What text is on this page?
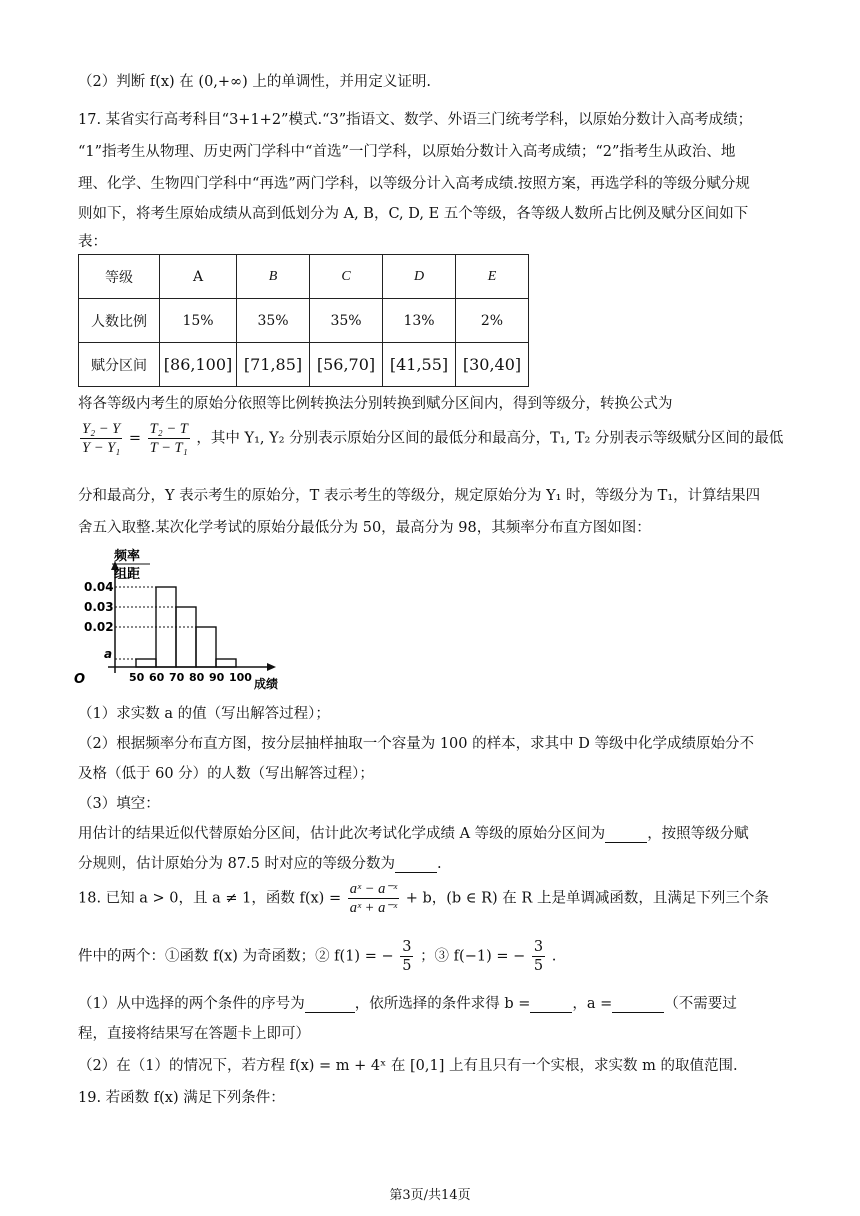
（2）判断 f(x) 在 (0,+∞) 上的单调性，并用定义证明.
17. 某省实行高考科目“3+1+2”模式.“3”指语文、数学、外语三门统考学科，以原始分数计入高考成绩；
“1”指考生从物理、历史两门学科中“首选”一门学科，以原始分数计入高考成绩；“2”指考生从政治、地
理、化学、生物四门学科中“再选”两门学科，以等级分计入高考成绩.按照方案，再选学科的等级分赋分规
则如下，将考生原始成绩从高到低划分为 A, B，C, D, E 五个等级，各等级人数所占比例及赋分区间如下
表：
等级	A	B	C	D	E
人数比例	15%	35%	35%	13%	2%
赋分区间	[86,100]	[71,85]	[56,70]	[41,55]	[30,40]
将各等级内考生的原始分依照等比例转换法分别转换到赋分区间内，得到等级分，转换公式为
$\frac{\text{Y₂ − Y}}{\text{Y − Y₁}} = \frac{\text{T₂ − T}}{\text{T − T₁}}$ ，其中 Y₁, Y₂ 分别表示原始分区间的最低分和最高分，T₁, T₂ 分别表示等级赋分区间的最低
分和最高分，Y 表示考生的原始分，T 表示考生的等级分，规定原始分为 Y₁ 时，等级分为 T₁，计算结果四
舍五入取整.某次化学考试的原始分最低分为 50，最高分为 98，其频率分布直方图如图：
频率
组距
成绩
O
0.04
0.03
0.02
a
50 60 70 80 90 100
（1）求实数 a 的值（写出解答过程）；
（2）根据频率分布直方图，按分层抽样抽取一个容量为 100 的样本，求其中 D 等级中化学成绩原始分不
及格（低于 60 分）的人数（写出解答过程）；
（3）填空：
用估计的结果近似代替原始分区间，估计此次考试化学成绩 A 等级的原始分区间为	，按照等级分赋
分规则，估计原始分为 87.5 时对应的等级分数为	.
18. 已知 a > 0，且 a ≠ 1，函数 $f(x) = \frac{\text{aˣ − a⁻ˣ}}{\text{aˣ + a⁻ˣ}} + b$，(b ∈ R) 在 R 上是单调减函数，且满足下列三个条
件中的两个：①函数 f(x) 为奇函数；② f(1) = − $\frac{3}{5}$ ；③ f(−1) = − $\frac{3}{5}$ .
（1）从中选择的两个条件的序号为	，依所选择的条件求得 b =	，a =	（不需要过
程，直接将结果写在答题卡上即可）
（2）在（1）的情况下，若方程 f(x) = m + 4ˣ 在 [0,1] 上有且只有一个实根，求实数 m 的取值范围.
19. 若函数 f(x) 满足下列条件：
第3页/共14页
